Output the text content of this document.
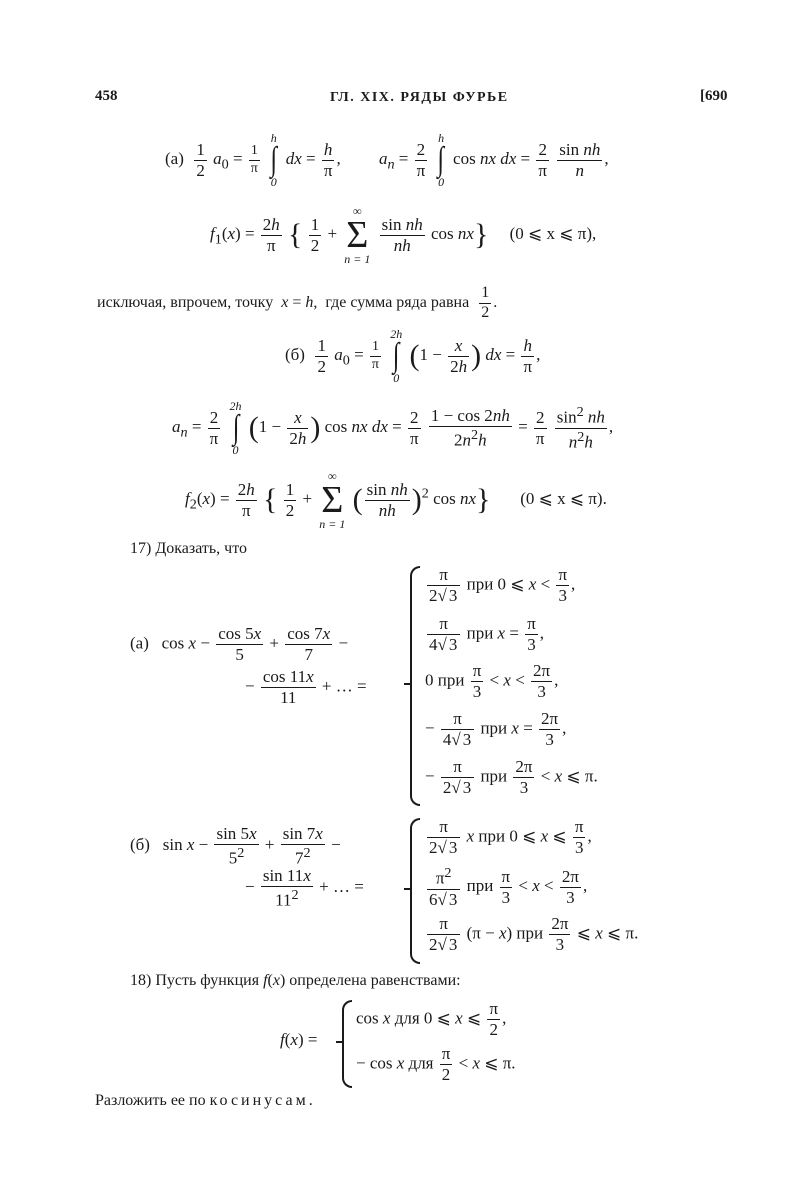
458	ГЛ. XIX. РЯДЫ ФУРЬЕ	[690
$(a) \frac{1}{2} a_0 = \frac{1}{\pi}$

h
∫
0
dx = $\frac{h}{\pi}$ ,         $a_n = \frac{2}{\pi}$

h
∫
0
cos nx dx = $\frac{2}{\pi}$
$\frac{\text{sin nh}}{n}$ ,
$f_1(x) = \frac{2h}{\pi}$ { $\frac{1}{2}$ +
∞
Σ
n = 1

$\frac{\text{sin nh}}{nh}$ cos nx} (0 ⩽ x ⩽ π),
исключая, впрочем, точку x = h,  где сумма ряда равна $\frac{1}{2}$ .
$(б) \frac{1}{2} a_0 = \frac{1}{\pi}$

2h
∫
0
($1 - \frac{x}{2h}$ ) dx = $\frac{h}{\pi}$ ,
$a_n = \frac{2}{\pi}$

2h
∫
0
($1 - \frac{x}{2h}$ ) cos nx dx = $\frac{2}{\pi}$
$\frac{1 - \cos 2nh}{2n^2h} = \frac{2}{\pi}$
$\frac{\sin^2 nh}{n^2h}$ ,
$f_2(x) = \frac{2h}{\pi}$ { $\frac{1}{2}$ +
∞
Σ
n = 1
( $\frac{\text{sin nh}}{nh} )^2$ cos nx} (0 ⩽ x ⩽ π).
17) Доказать, что
(a)   $\cos x - \frac{\cos 5x}{5} + \frac{\cos 7x}{7}$ −
− $\frac{\cos 11x}{11}$ + … =
$\frac{\pi}{2√ 3}$ при 0 ⩽ $x < \frac{\pi}{3}$ ,
$\frac{\pi}{4√ 3}$ при $x = \frac{\pi}{3}$ ,
0 при $\frac{\pi}{3} < x < \frac{2\pi}{3}$ ,
− $\frac{\pi}{4√ 3}$ при $x = \frac{2\pi}{3}$ ,
− $\frac{\pi}{2√ 3}$ при $\frac{2\pi}{3} < x$ ⩽ π.
(б)   $\sin x - \frac{\sin 5x}{5^2} + \frac{\sin 7x}{7^2}$ −
− $\frac{\sin 11x}{11^2}$ + … =
$\frac{\pi}{2√ 3}$ x при 0 ⩽ x ⩽ $\frac{\pi}{3}$ ,
$\frac{\pi^2}{6√ 3}$ при $\frac{\pi}{3} < x < \frac{2\pi}{3}$ ,
$\frac{\pi}{2√ 3} (\pi - x)$ при $\frac{2\pi}{3}$ ⩽ x ⩽ π.
18) Пусть функция f(x) определена равенствами:
f(x) =
cos x для 0 ⩽ x ⩽ $\frac{\pi}{2}$ ,
− cos x для $\frac{\pi}{2} < x$ ⩽ π.
Разложить ее по косинусам.
